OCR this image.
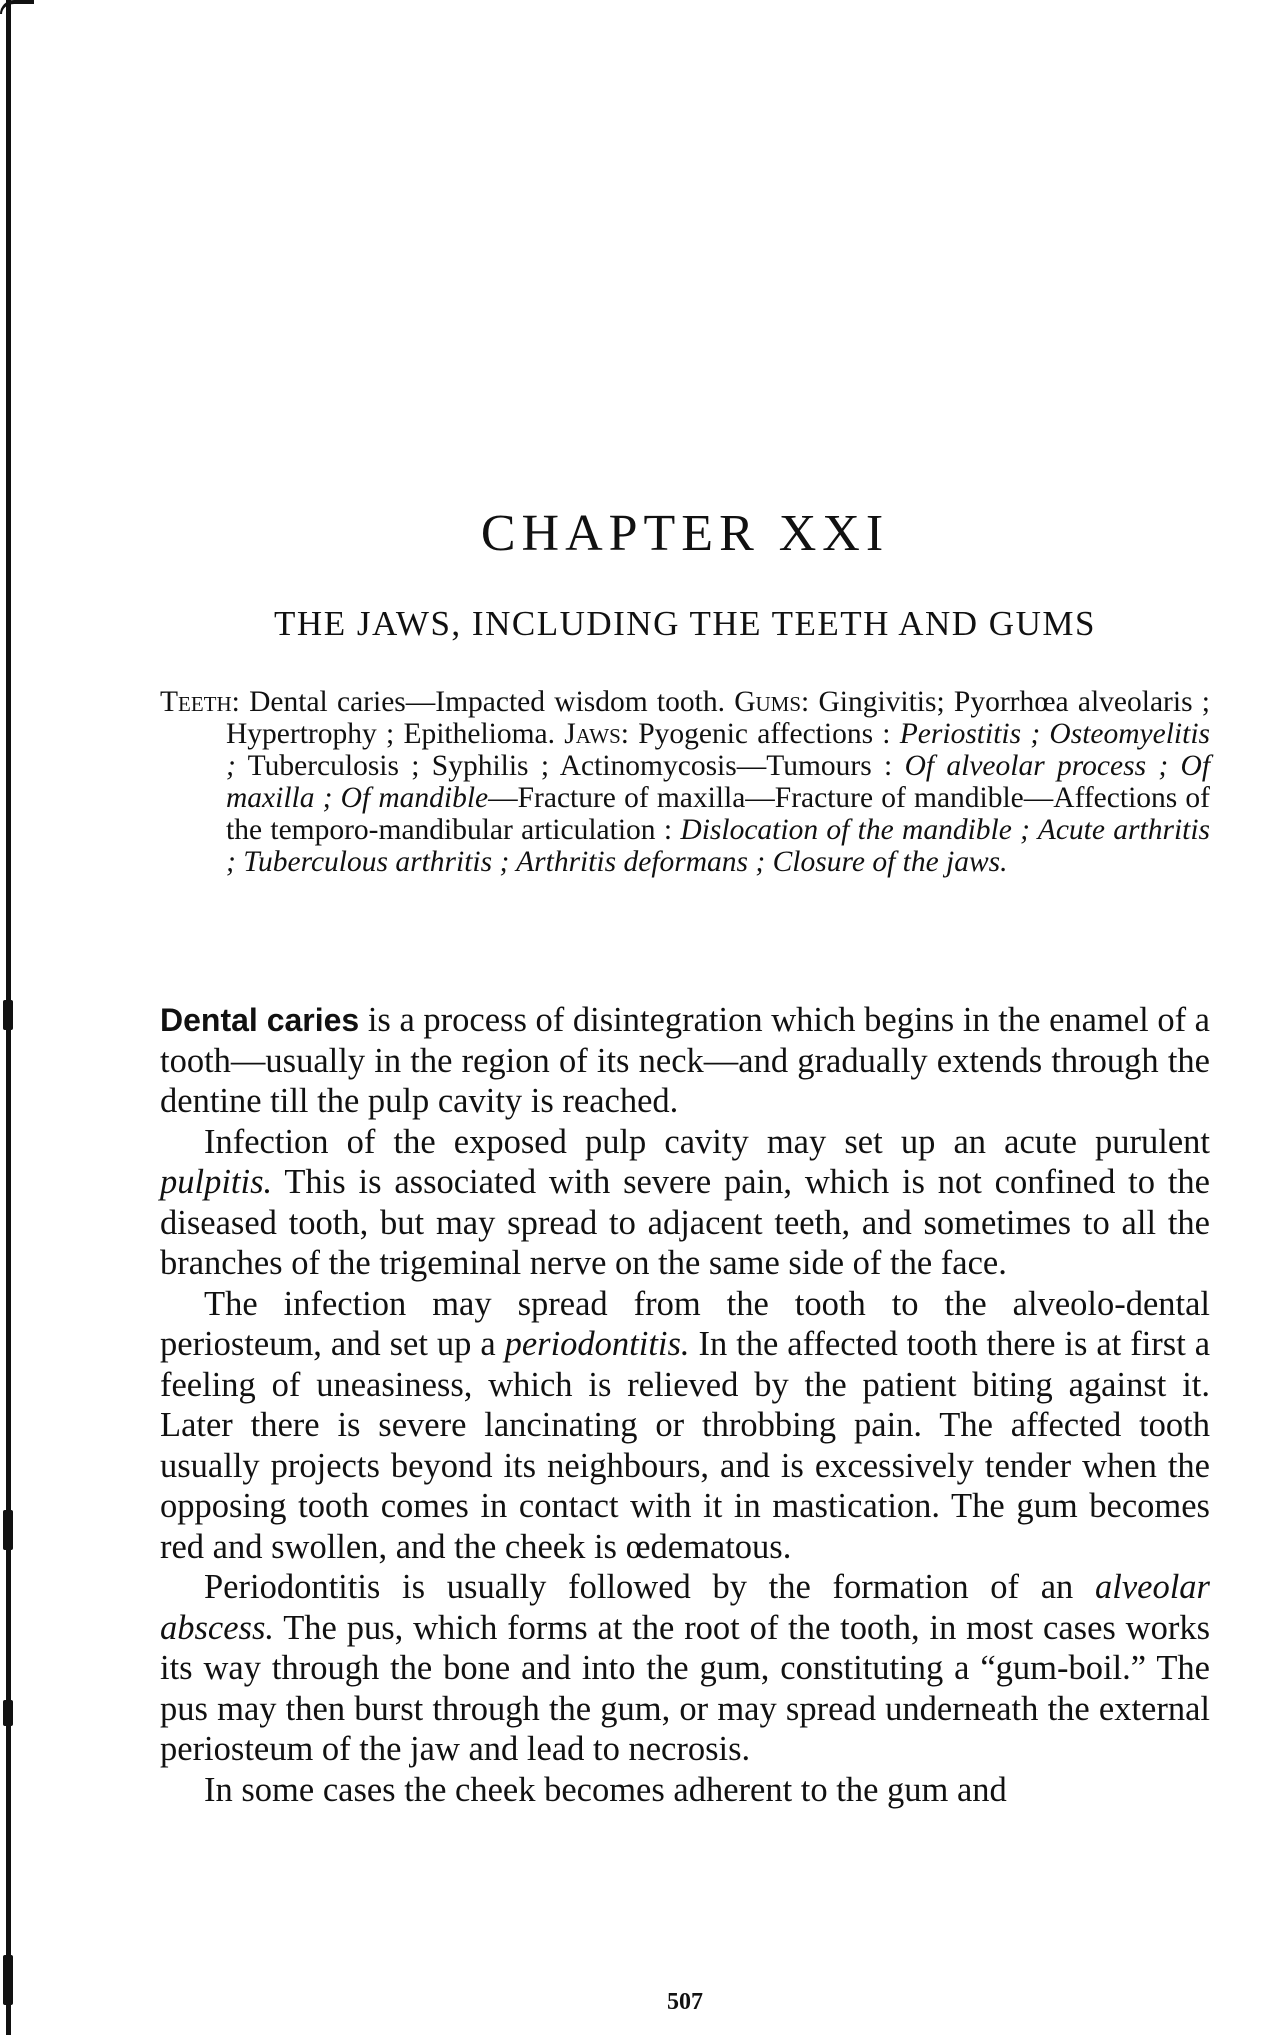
CHAPTER XXI
THE JAWS, INCLUDING THE TEETH AND GUMS
Teeth: Dental caries—Impacted wisdom tooth. Gums: Gingivitis; Pyorrhœa alveolaris ; Hypertrophy ; Epithelioma. Jaws: Pyogenic affections : Periostitis ; Osteomyelitis ; Tuberculosis ; Syphilis ; Actinomycosis—Tumours : Of alveolar process ; Of maxilla ; Of mandible—Fracture of maxilla—Fracture of mandible—Affections of the temporo-mandibular articulation : Dislocation of the mandible ; Acute arthritis ; Tuberculous arthritis ; Arthritis deformans ; Closure of the jaws.

Dental caries is a process of disintegration which begins in the enamel of a tooth—usually in the region of its neck—and gradually extends through the dentine till the pulp cavity is reached.

Infection of the exposed pulp cavity may set up an acute purulent pulpitis. This is associated with severe pain, which is not confined to the diseased tooth, but may spread to adjacent teeth, and sometimes to all the branches of the trigeminal nerve on the same side of the face.

The infection may spread from the tooth to the alveolo-dental periosteum, and set up a periodontitis. In the affected tooth there is at first a feeling of uneasiness, which is relieved by the patient biting against it. Later there is severe lancinating or throbbing pain. The affected tooth usually projects beyond its neighbours, and is excessively tender when the opposing tooth comes in contact with it in mastication. The gum becomes red and swollen, and the cheek is œdematous.

Periodontitis is usually followed by the formation of an alveolar abscess. The pus, which forms at the root of the tooth, in most cases works its way through the bone and into the gum, constituting a “gum-boil.” The pus may then burst through the gum, or may spread underneath the external periosteum of the jaw and lead to necrosis.

In some cases the cheek becomes adherent to the gum and

507
